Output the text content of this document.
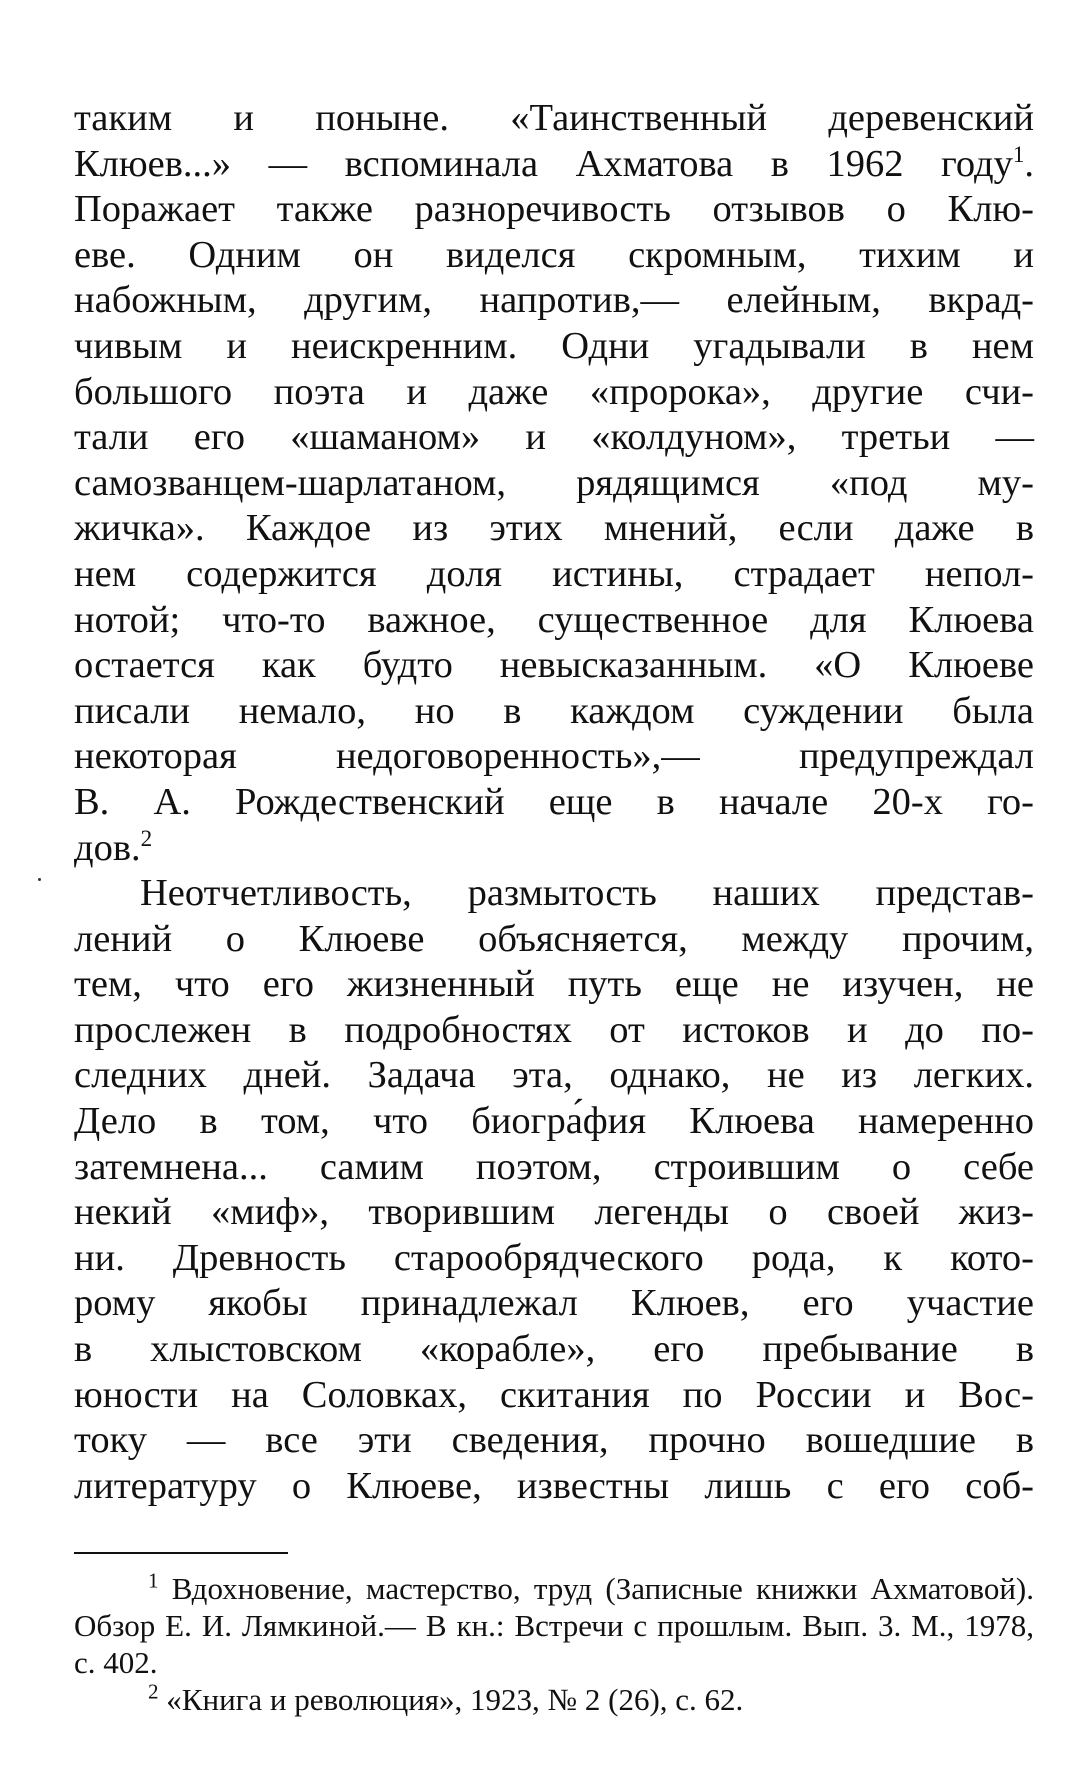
таким и поныне. «Таинственный деревенский Клюев...» — вспоминала Ахматова в 1962 году$^1$. Поражает также разноречивость отзывов о Клю- еве. Одним он виделся скромным, тихим и набожным, другим, напротив,— елейным, вкрад- чивым и неискренним. Одни угадывали в нем большого поэта и даже «пророка», другие счи- тали его «шаманом» и «колдуном», третьи — самозванцем-шарлатаном, рядящимся «под му- жичка». Каждое из этих мнений, если даже в нем содержится доля истины, страдает непол- нотой; что-то важное, существенное для Клюева остается как будто невысказанным. «О Клюеве писали немало, но в каждом суждении была некоторая недоговоренность»,— предупреждал В. А. Рождественский еще в начале 20-х го- дов.$^2$

Неотчетливость, размытость наших представ- лений о Клюеве объясняется, между прочим, тем, что его жизненный путь еще не изучен, не прослежен в подробностях от истоков и до по- следних дней. Задача эта, однако, не из легких. Дело в том, что биогра́фия Клюева намеренно затемнена... самим поэтом, строившим о себе некий «миф», творившим легенды о своей жиз- ни. Древность старообрядческого рода, к кото- рому якобы принадлежал Клюев, его участие в хлыстовском «корабле», его пребывание в юности на Соловках, скитания по России и Вос- току — все эти сведения, прочно вошедшие в литературу о Клюеве, известны лишь с его соб-

$^1$ Вдохновение, мастерство, труд (Записные книжки Ахматовой). Обзор Е. И. Лямкиной.— В кн.: Встречи с прошлым. Вып. 3. М., 1978, с. 402.

$^2$ «Книга и революция», 1923, № 2 (26), с. 62.
